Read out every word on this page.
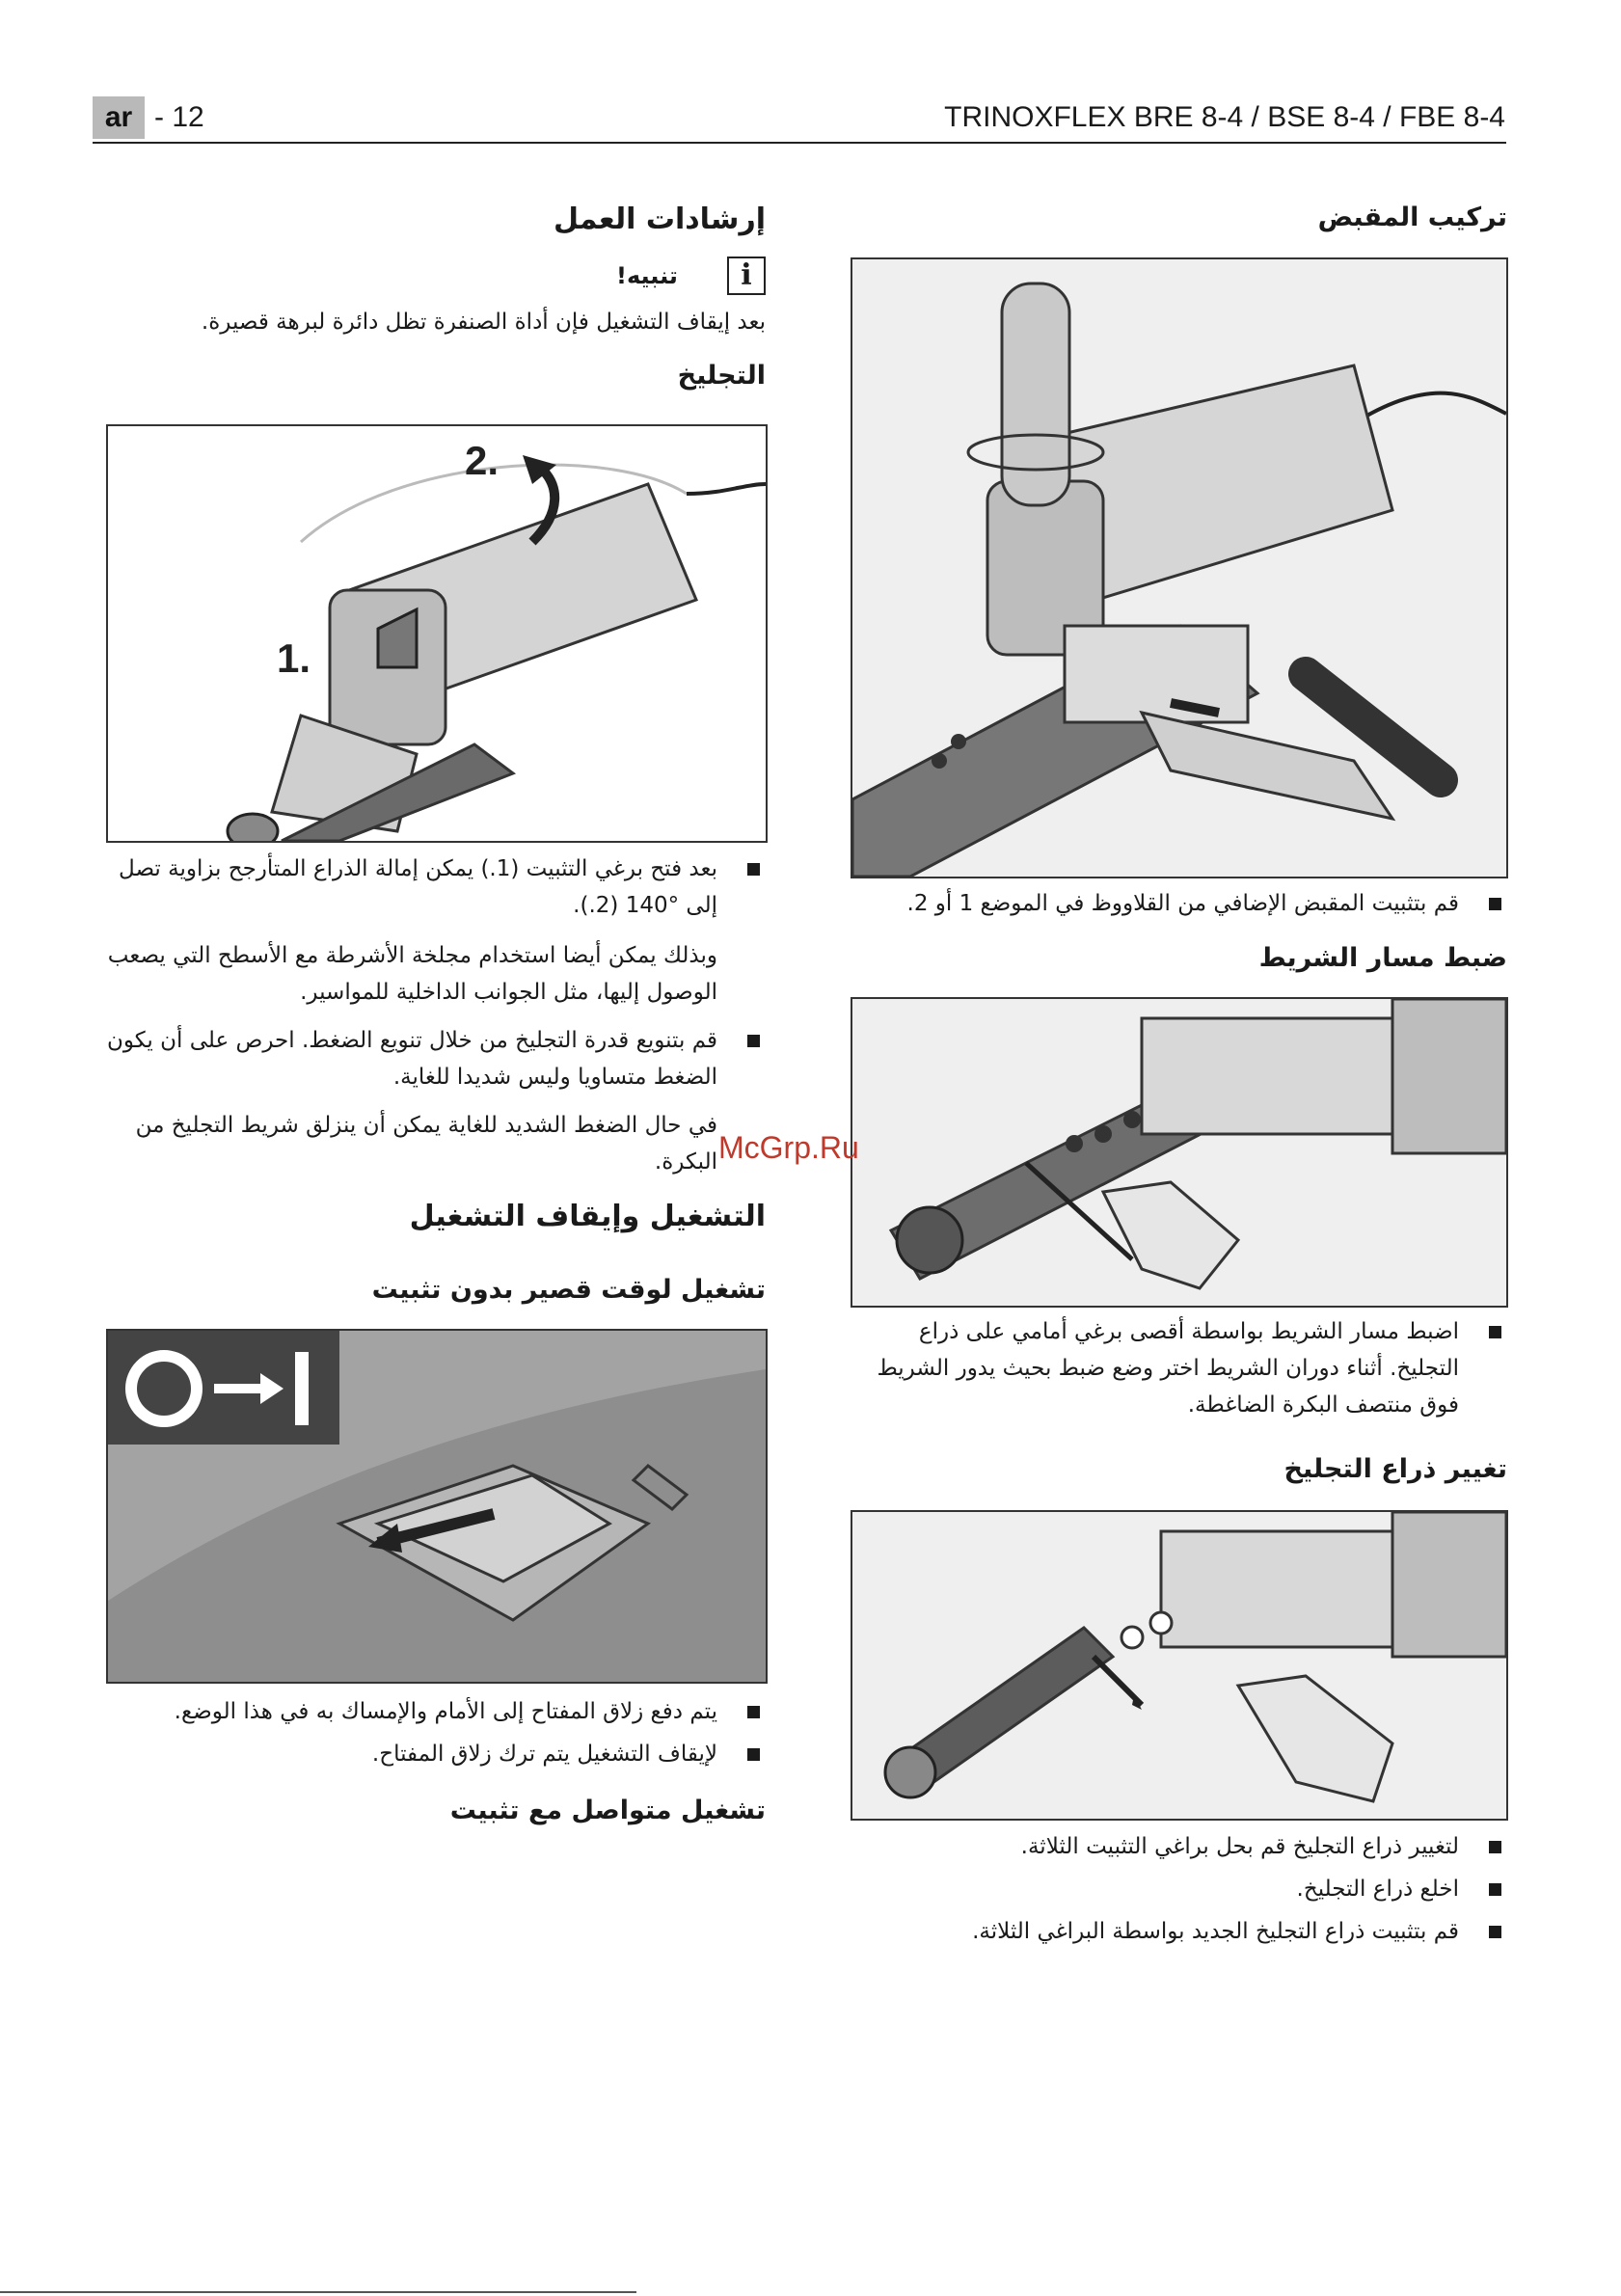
ar - 12	TRINOXFLEX BRE 8-4 / BSE 8-4 / FBE 8-4
تركيب المقبض
قم بتثبيت المقبض الإضافي من القلاووظ في الموضع 1 أو 2.
ضبط مسار الشريط
اضبط مسار الشريط بواسطة أقصى برغي أمامي على ذراع التجليخ. أثناء دوران الشريط اختر وضع ضبط بحيث يدور الشريط فوق منتصف البكرة الضاغطة.
تغيير ذراع التجليخ
لتغيير ذراع التجليخ قم بحل براغي التثبيت الثلاثة.
اخلع ذراع التجليخ.
قم بتثبيت ذراع التجليخ الجديد بواسطة البراغي الثلاثة.
إرشادات العمل
i تنبيه!
بعد إيقاف التشغيل فإن أداة الصنفرة تظل دائرة لبرهة قصيرة.
التجليخ
2.
1.
بعد فتح برغي التثبيت (1.) يمكن إمالة الذراع المتأرجح بزاوية تصل إلى °140 (2.).
وبذلك يمكن أيضا استخدام مجلخة الأشرطة مع الأسطح التي يصعب الوصول إليها، مثل الجوانب الداخلية للمواسير.
قم بتنويع قدرة التجليخ من خلال تنويع الضغط. احرص على أن يكون الضغط متساويا وليس شديدا للغاية.
في حال الضغط الشديد للغاية يمكن أن ينزلق شريط التجليخ من البكرة.
التشغيل وإيقاف التشغيل
تشغيل لوقت قصير بدون تثبيت
يتم دفع زلاق المفتاح إلى الأمام والإمساك به في هذا الوضع.
لإيقاف التشغيل يتم ترك زلاق المفتاح.
تشغيل متواصل مع تثبيت
McGrp.Ru
